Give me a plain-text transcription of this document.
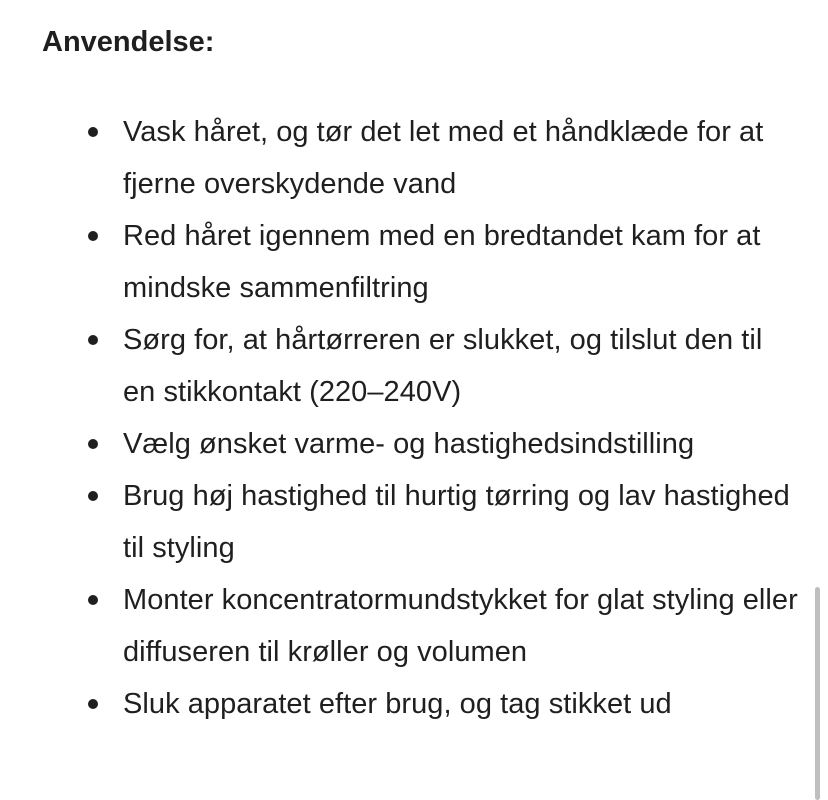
Anvendelse:
Vask håret, og tør det let med et håndklæde for at fjerne overskydende vand
Red håret igennem med en bredtandet kam for at mindske sammenfiltring
Sørg for, at hårtørreren er slukket, og tilslut den til en stikkontakt (220–240V)
Vælg ønsket varme- og hastighedsindstilling
Brug høj hastighed til hurtig tørring og lav hastighed til styling
Monter koncentratormundstykket for glat styling eller diffuseren til krøller og volumen
Sluk apparatet efter brug, og tag stikket ud
